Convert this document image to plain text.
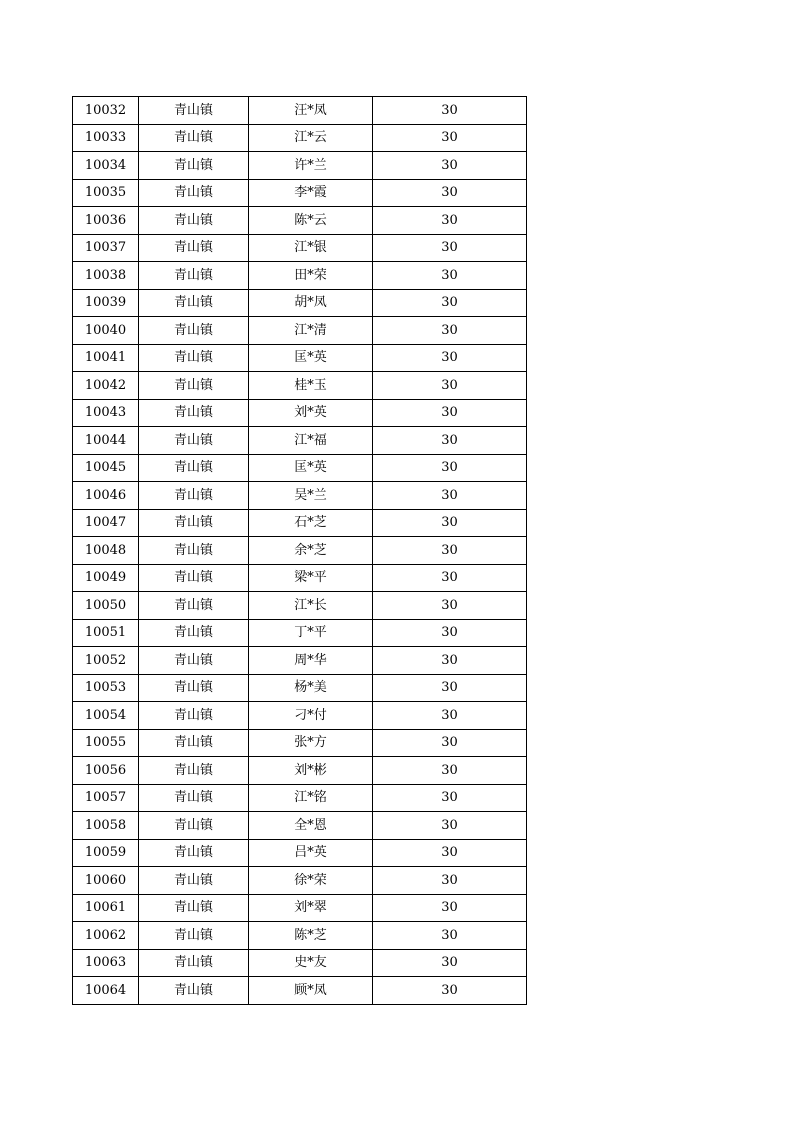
10032	青山镇	汪*凤	30
10033	青山镇	江*云	30
10034	青山镇	许*兰	30
10035	青山镇	李*霞	30
10036	青山镇	陈*云	30
10037	青山镇	江*银	30
10038	青山镇	田*荣	30
10039	青山镇	胡*凤	30
10040	青山镇	江*清	30
10041	青山镇	匡*英	30
10042	青山镇	桂*玉	30
10043	青山镇	刘*英	30
10044	青山镇	江*福	30
10045	青山镇	匡*英	30
10046	青山镇	吴*兰	30
10047	青山镇	石*芝	30
10048	青山镇	余*芝	30
10049	青山镇	梁*平	30
10050	青山镇	江*长	30
10051	青山镇	丁*平	30
10052	青山镇	周*华	30
10053	青山镇	杨*美	30
10054	青山镇	刁*付	30
10055	青山镇	张*方	30
10056	青山镇	刘*彬	30
10057	青山镇	江*铭	30
10058	青山镇	全*恩	30
10059	青山镇	吕*英	30
10060	青山镇	徐*荣	30
10061	青山镇	刘*翠	30
10062	青山镇	陈*芝	30
10063	青山镇	史*友	30
10064	青山镇	顾*凤	30
